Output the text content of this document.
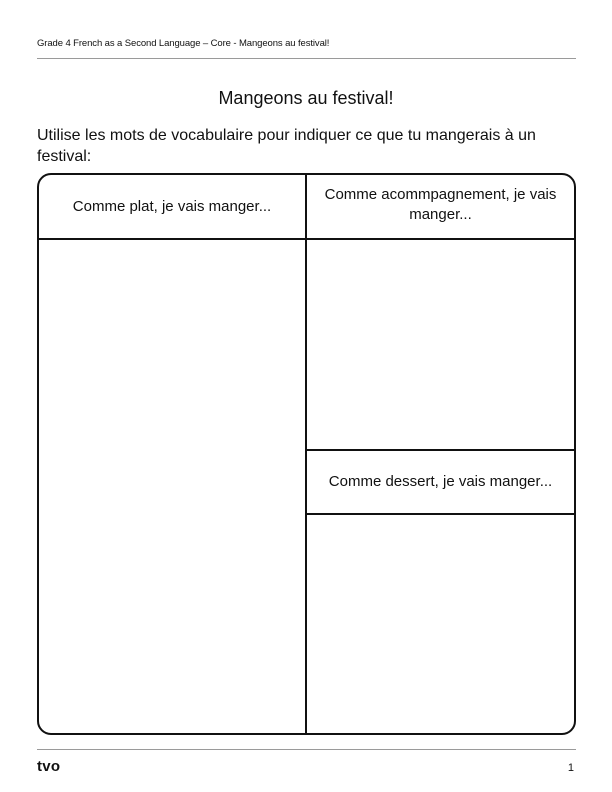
Grade 4 French as a Second Language – Core - Mangeons au festival!
Mangeons au festival!
Utilise les mots de vocabulaire pour indiquer ce que tu mangerais à un festival:
Comme plat, je vais manger...
Comme acommpagnement, je vais manger...
Comme dessert, je vais manger...
tvo	1
